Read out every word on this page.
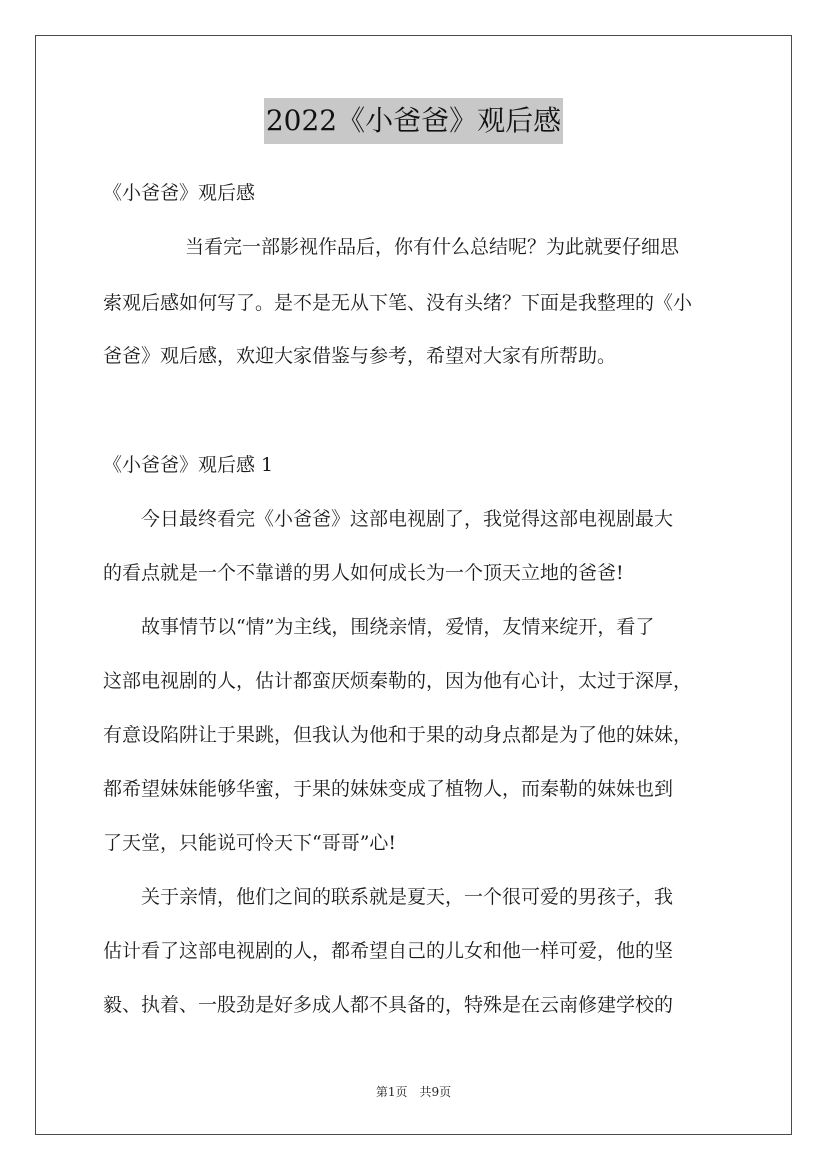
2022《小爸爸》观后感
《小爸爸》观后感
当看完一部影视作品后，你有什么总结呢？为此就要仔细思
索观后感如何写了。是不是无从下笔、没有头绪？下面是我整理的《小
爸爸》观后感，欢迎大家借鉴与参考，希望对大家有所帮助。
《小爸爸》观后感 1
今日最终看完《小爸爸》这部电视剧了，我觉得这部电视剧最大
的看点就是一个不靠谱的男人如何成长为一个顶天立地的爸爸!
故事情节以“情”为主线，围绕亲情，爱情，友情来绽开，看了
这部电视剧的人，估计都蛮厌烦秦勒的，因为他有心计，太过于深厚，
有意设陷阱让于果跳，但我认为他和于果的动身点都是为了他的妹妹，
都希望妹妹能够华蜜，于果的妹妹变成了植物人，而秦勒的妹妹也到
了天堂，只能说可怜天下“哥哥”心!
关于亲情，他们之间的联系就是夏天，一个很可爱的男孩子，我
估计看了这部电视剧的人，都希望自己的儿女和他一样可爱，他的坚
毅、执着、一股劲是好多成人都不具备的，特殊是在云南修建学校的
第1页 共9页
